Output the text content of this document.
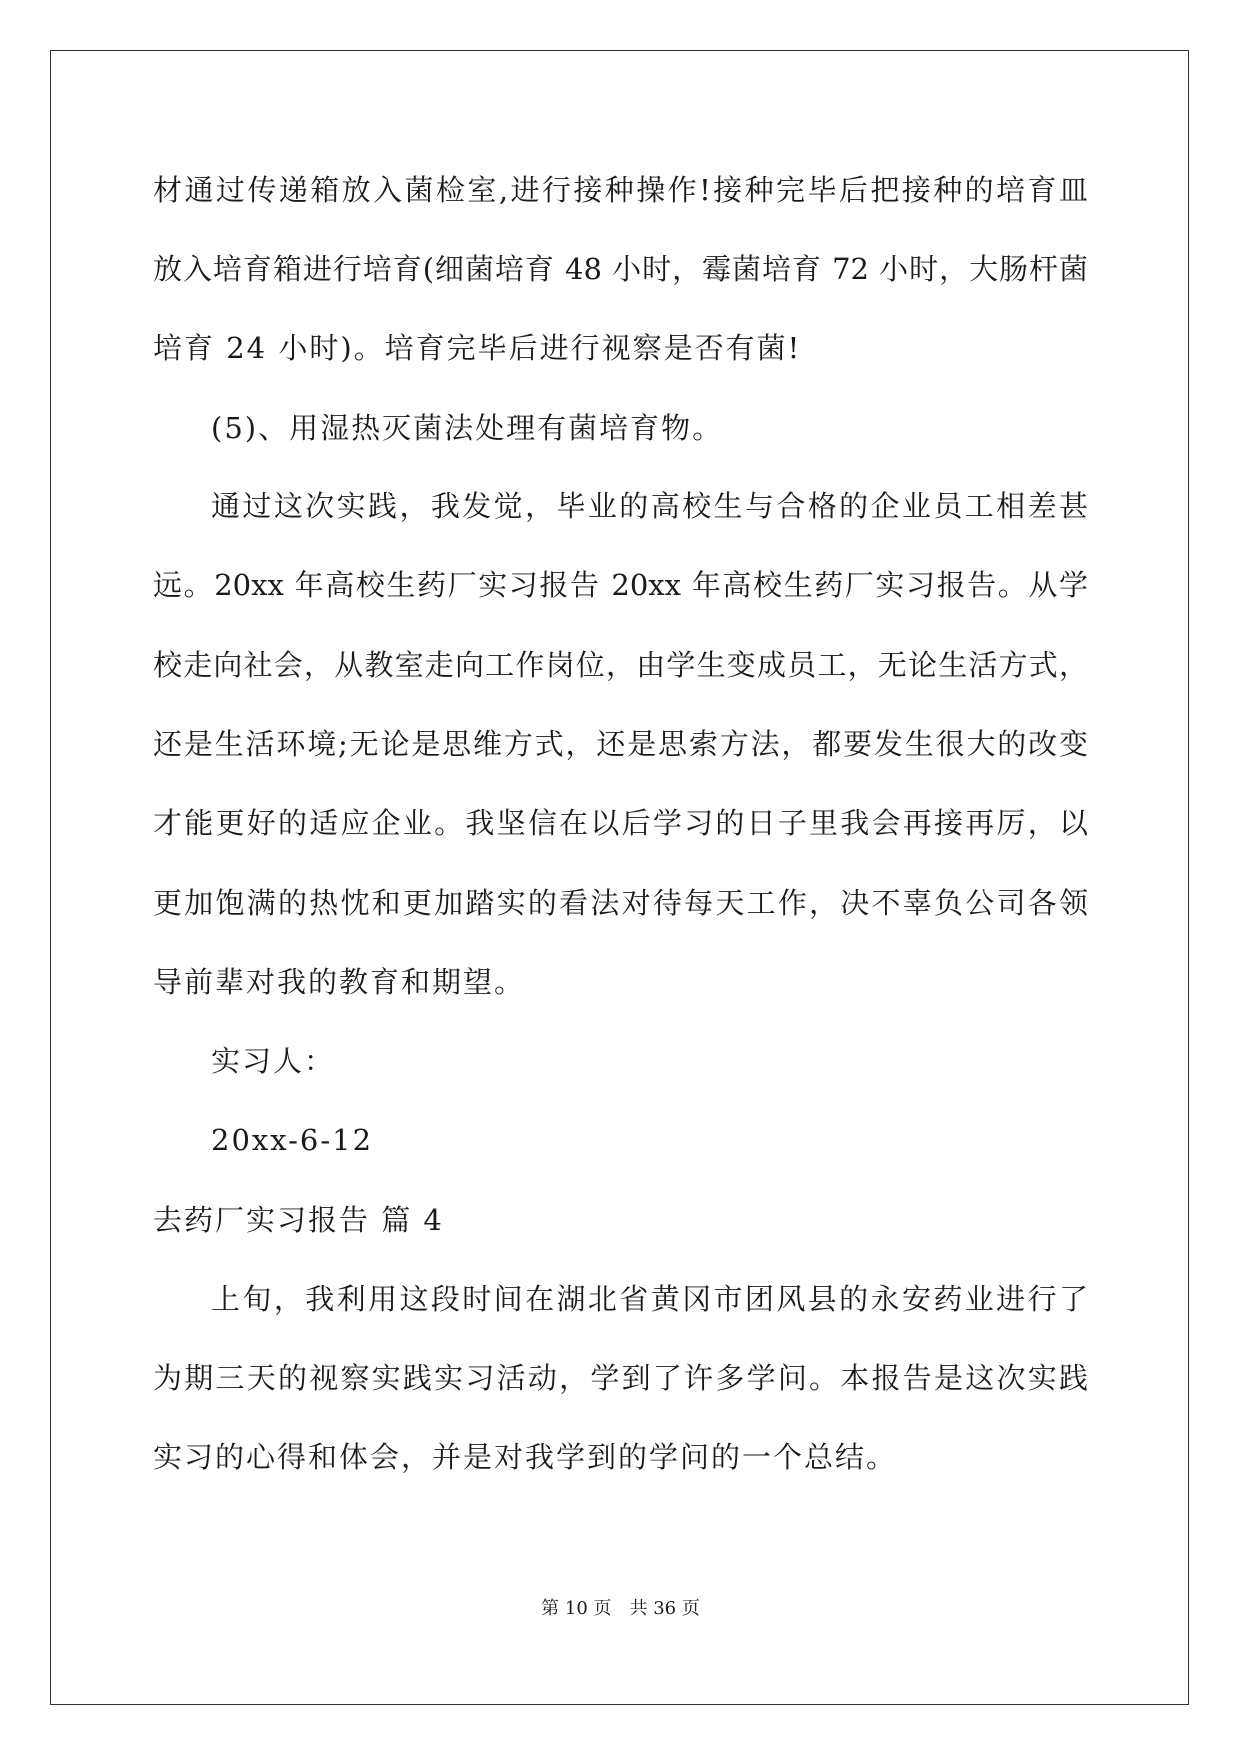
材通过传递箱放入菌检室,进行接种操作!接种完毕后把接种的培育皿
放入培育箱进行培育(细菌培育 48 小时，霉菌培育 72 小时，大肠杆菌
培育 24 小时)。培育完毕后进行视察是否有菌!
(5)、用湿热灭菌法处理有菌培育物。
通过这次实践，我发觉，毕业的高校生与合格的企业员工相差甚
远。20xx 年高校生药厂实习报告 20xx 年高校生药厂实习报告。从学
校走向社会，从教室走向工作岗位，由学生变成员工，无论生活方式，
还是生活环境;无论是思维方式，还是思索方法，都要发生很大的改变
才能更好的适应企业。我坚信在以后学习的日子里我会再接再厉，以
更加饱满的热忱和更加踏实的看法对待每天工作，决不辜负公司各领
导前辈对我的教育和期望。
实习人：
20xx-6-12
去药厂实习报告 篇 4
上旬，我利用这段时间在湖北省黄冈市团风县的永安药业进行了
为期三天的视察实践实习活动，学到了许多学问。本报告是这次实践
实习的心得和体会，并是对我学到的学问的一个总结。
第 10 页　共 36 页
